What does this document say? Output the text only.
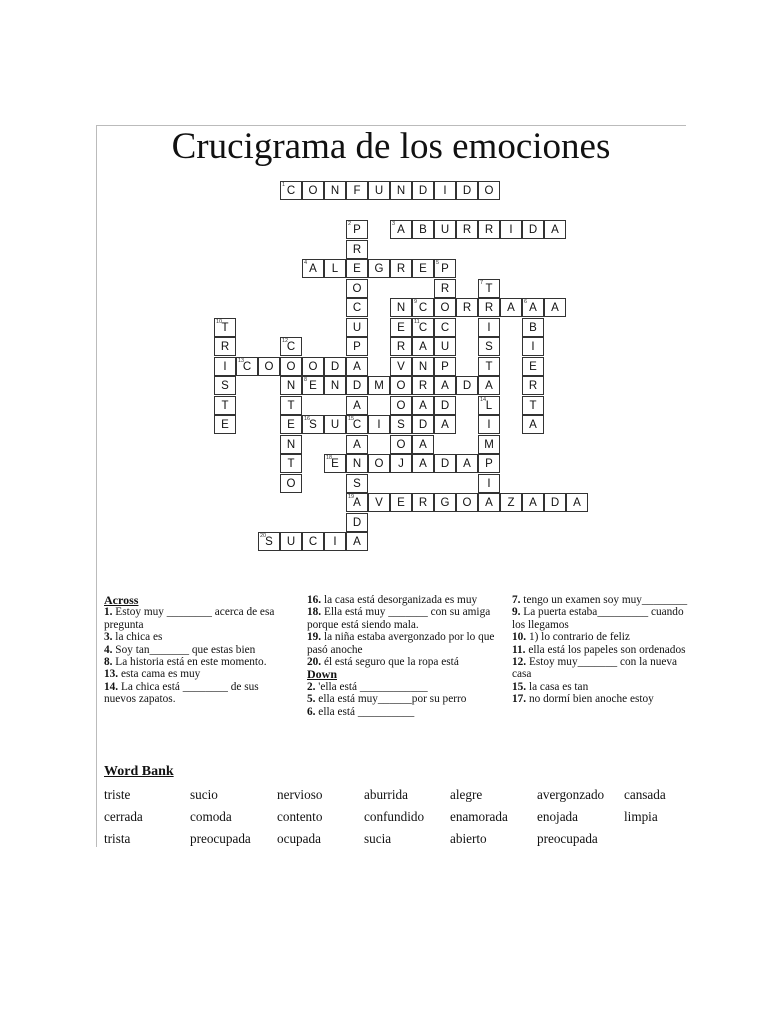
Crucigrama de los emociones
1 C	O	N	F	U	N	D	I	D	O
2 P
R
E
O
C
U
P
A
D
A
3 A	B	U	R	R	I	D	A
4 A	L	G	R	E	5 P
R
O
C
U
P
A
D
A
6 A
B
I
E
R
T
A
7 T
R
I
S
T
A
8 E	N	M	O	R	D
9 C	R	A	A
N
E
R
V
O
S
O
10 T
R
I
S
T
E
11 C
A
N
A
D
A
12
C
O
N
T
E
N
T
O
13
C	O	O	D
14 L
I
M
P
I
A
15
C
A
N
S
19 A
D
A
16 S	U	I
18 E	O	J	A	D	A
V	E	R	G	O	Z	A	D	A
20 S	U	C	I

Across

1. Estoy muy ________ acerca de esa pregunta

3. la chica es

4. Soy tan_______ que estas bien

8. La historia está en este momento.

13. esta cama es muy

14. La chica está ________ de sus nuevos zapatos.

16. la casa está desorganizada es muy

18. Ella está muy _______ con su amiga porque está siendo mala.

19. la niña estaba avergonzado por lo que pasó anoche

20. él está seguro que la ropa está

Down

2. 'ella está ____________

5. ella está muy______por su perro

6. ella está __________

7. tengo un examen soy muy________

9. La puerta estaba_________ cuando los llegamos

10. 1) lo contrario de feliz

11. ella está los papeles son ordenados

12. Estoy muy_______ con la nueva casa

15. la casa es tan

17. no dormí bien anoche estoy

Word Bank
triste	sucio	nervioso	aburrida	alegre	avergonzado cansada
cerrada	comoda	contento	confundido enamorada enojada	limpia
trista	preocupada ocupada	sucia	abierto	preocupada
